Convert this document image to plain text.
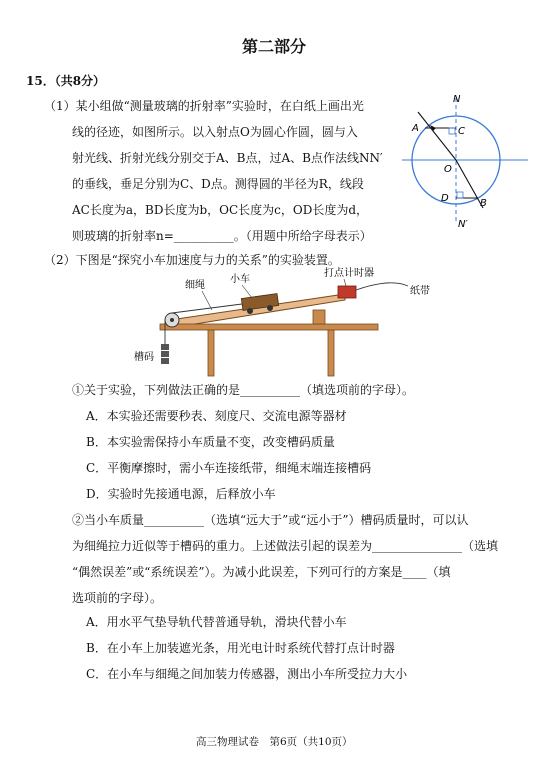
第二部分
15．（共8分）
（1）某小组做“测量玻璃的折射率”实验时，在白纸上画出光
线的径迹，如图所示。以入射点O为圆心作圆，圆与入
射光线、折射光线分别交于A、B点，过A、B点作法线NN′
的垂线，垂足分别为C、D点。测得圆的半径为R，线段
AC长度为a，BD长度为b，OC长度为c，OD长度为d，
则玻璃的折射率n=__________。（用题中所给字母表示）
N
N′
A	C
O
D	B
（2）下图是“探究小车加速度与力的关系”的实验装置。
细绳
小车
打点计时器
纸带
槽码
①关于实验，下列做法正确的是__________（填选项前的字母）。
A．本实验还需要秒表、刻度尺、交流电源等器材
B．本实验需保持小车质量不变，改变槽码质量
C．平衡摩擦时，需小车连接纸带，细绳末端连接槽码
D．实验时先接通电源，后释放小车
②当小车质量__________（选填“远大于”或“远小于”）槽码质量时，可以认
为细绳拉力近似等于槽码的重力。上述做法引起的误差为_______________（选填
“偶然误差”或“系统误差”）。为减小此误差，下列可行的方案是____（填
选项前的字母）。
A．用水平气垫导轨代替普通导轨，滑块代替小车
B．在小车上加装遮光条，用光电计时系统代替打点计时器
C．在小车与细绳之间加装力传感器，测出小车所受拉力大小
高三物理试卷　第6页（共10页）
